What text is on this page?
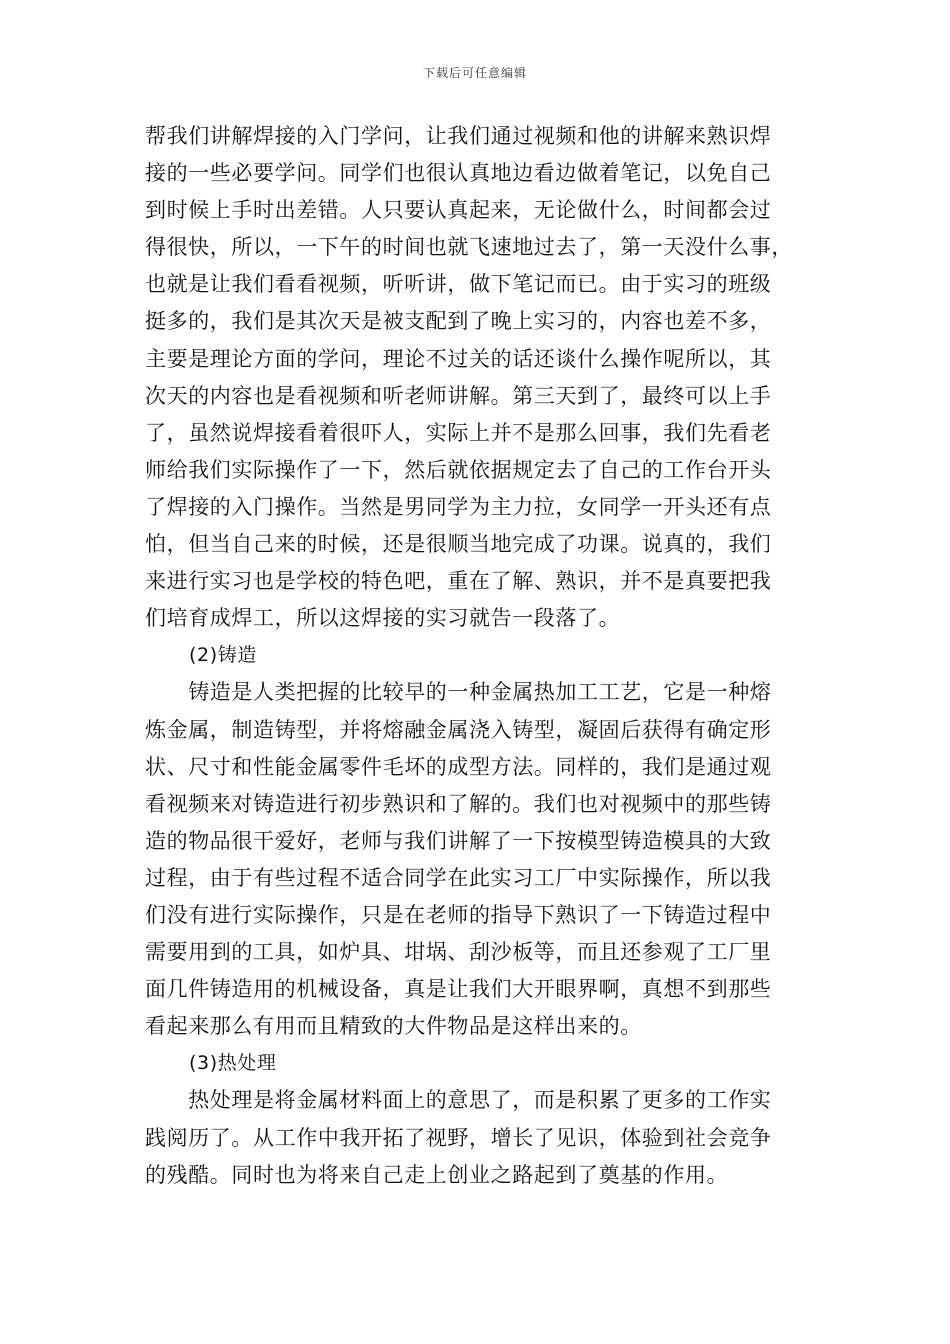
下载后可任意编辑
帮我们讲解焊接的入门学问，让我们通过视频和他的讲解来熟识焊
接的一些必要学问。同学们也很认真地边看边做着笔记，以免自己
到时候上手时出差错。人只要认真起来，无论做什么，时间都会过
得很快，所以，一下午的时间也就飞速地过去了，第一天没什么事，
也就是让我们看看视频，听听讲，做下笔记而已。由于实习的班级
挺多的，我们是其次天是被支配到了晚上实习的，内容也差不多，
主要是理论方面的学问，理论不过关的话还谈什么操作呢所以，其
次天的内容也是看视频和听老师讲解。第三天到了，最终可以上手
了，虽然说焊接看着很吓人，实际上并不是那么回事，我们先看老
师给我们实际操作了一下，然后就依据规定去了自己的工作台开头
了焊接的入门操作。当然是男同学为主力拉，女同学一开头还有点
怕，但当自己来的时候，还是很顺当地完成了功课。说真的，我们
来进行实习也是学校的特色吧，重在了解、熟识，并不是真要把我
们培育成焊工，所以这焊接的实习就告一段落了。
(2)铸造
　　铸造是人类把握的比较早的一种金属热加工工艺，它是一种熔
炼金属，制造铸型，并将熔融金属浇入铸型，凝固后获得有确定形
状、尺寸和性能金属零件毛坏的成型方法。同样的，我们是通过观
看视频来对铸造进行初步熟识和了解的。我们也对视频中的那些铸
造的物品很干爱好，老师与我们讲解了一下按模型铸造模具的大致
过程，由于有些过程不适合同学在此实习工厂中实际操作，所以我
们没有进行实际操作，只是在老师的指导下熟识了一下铸造过程中
需要用到的工具，如炉具、坩埚、刮沙板等，而且还参观了工厂里
面几件铸造用的机械设备，真是让我们大开眼界啊，真想不到那些
看起来那么有用而且精致的大件物品是这样出来的。
(3)热处理
　　热处理是将金属材料面上的意思了，而是积累了更多的工作实
践阅历了。从工作中我开拓了视野，增长了见识，体验到社会竞争
的残酷。同时也为将来自己走上创业之路起到了奠基的作用。
